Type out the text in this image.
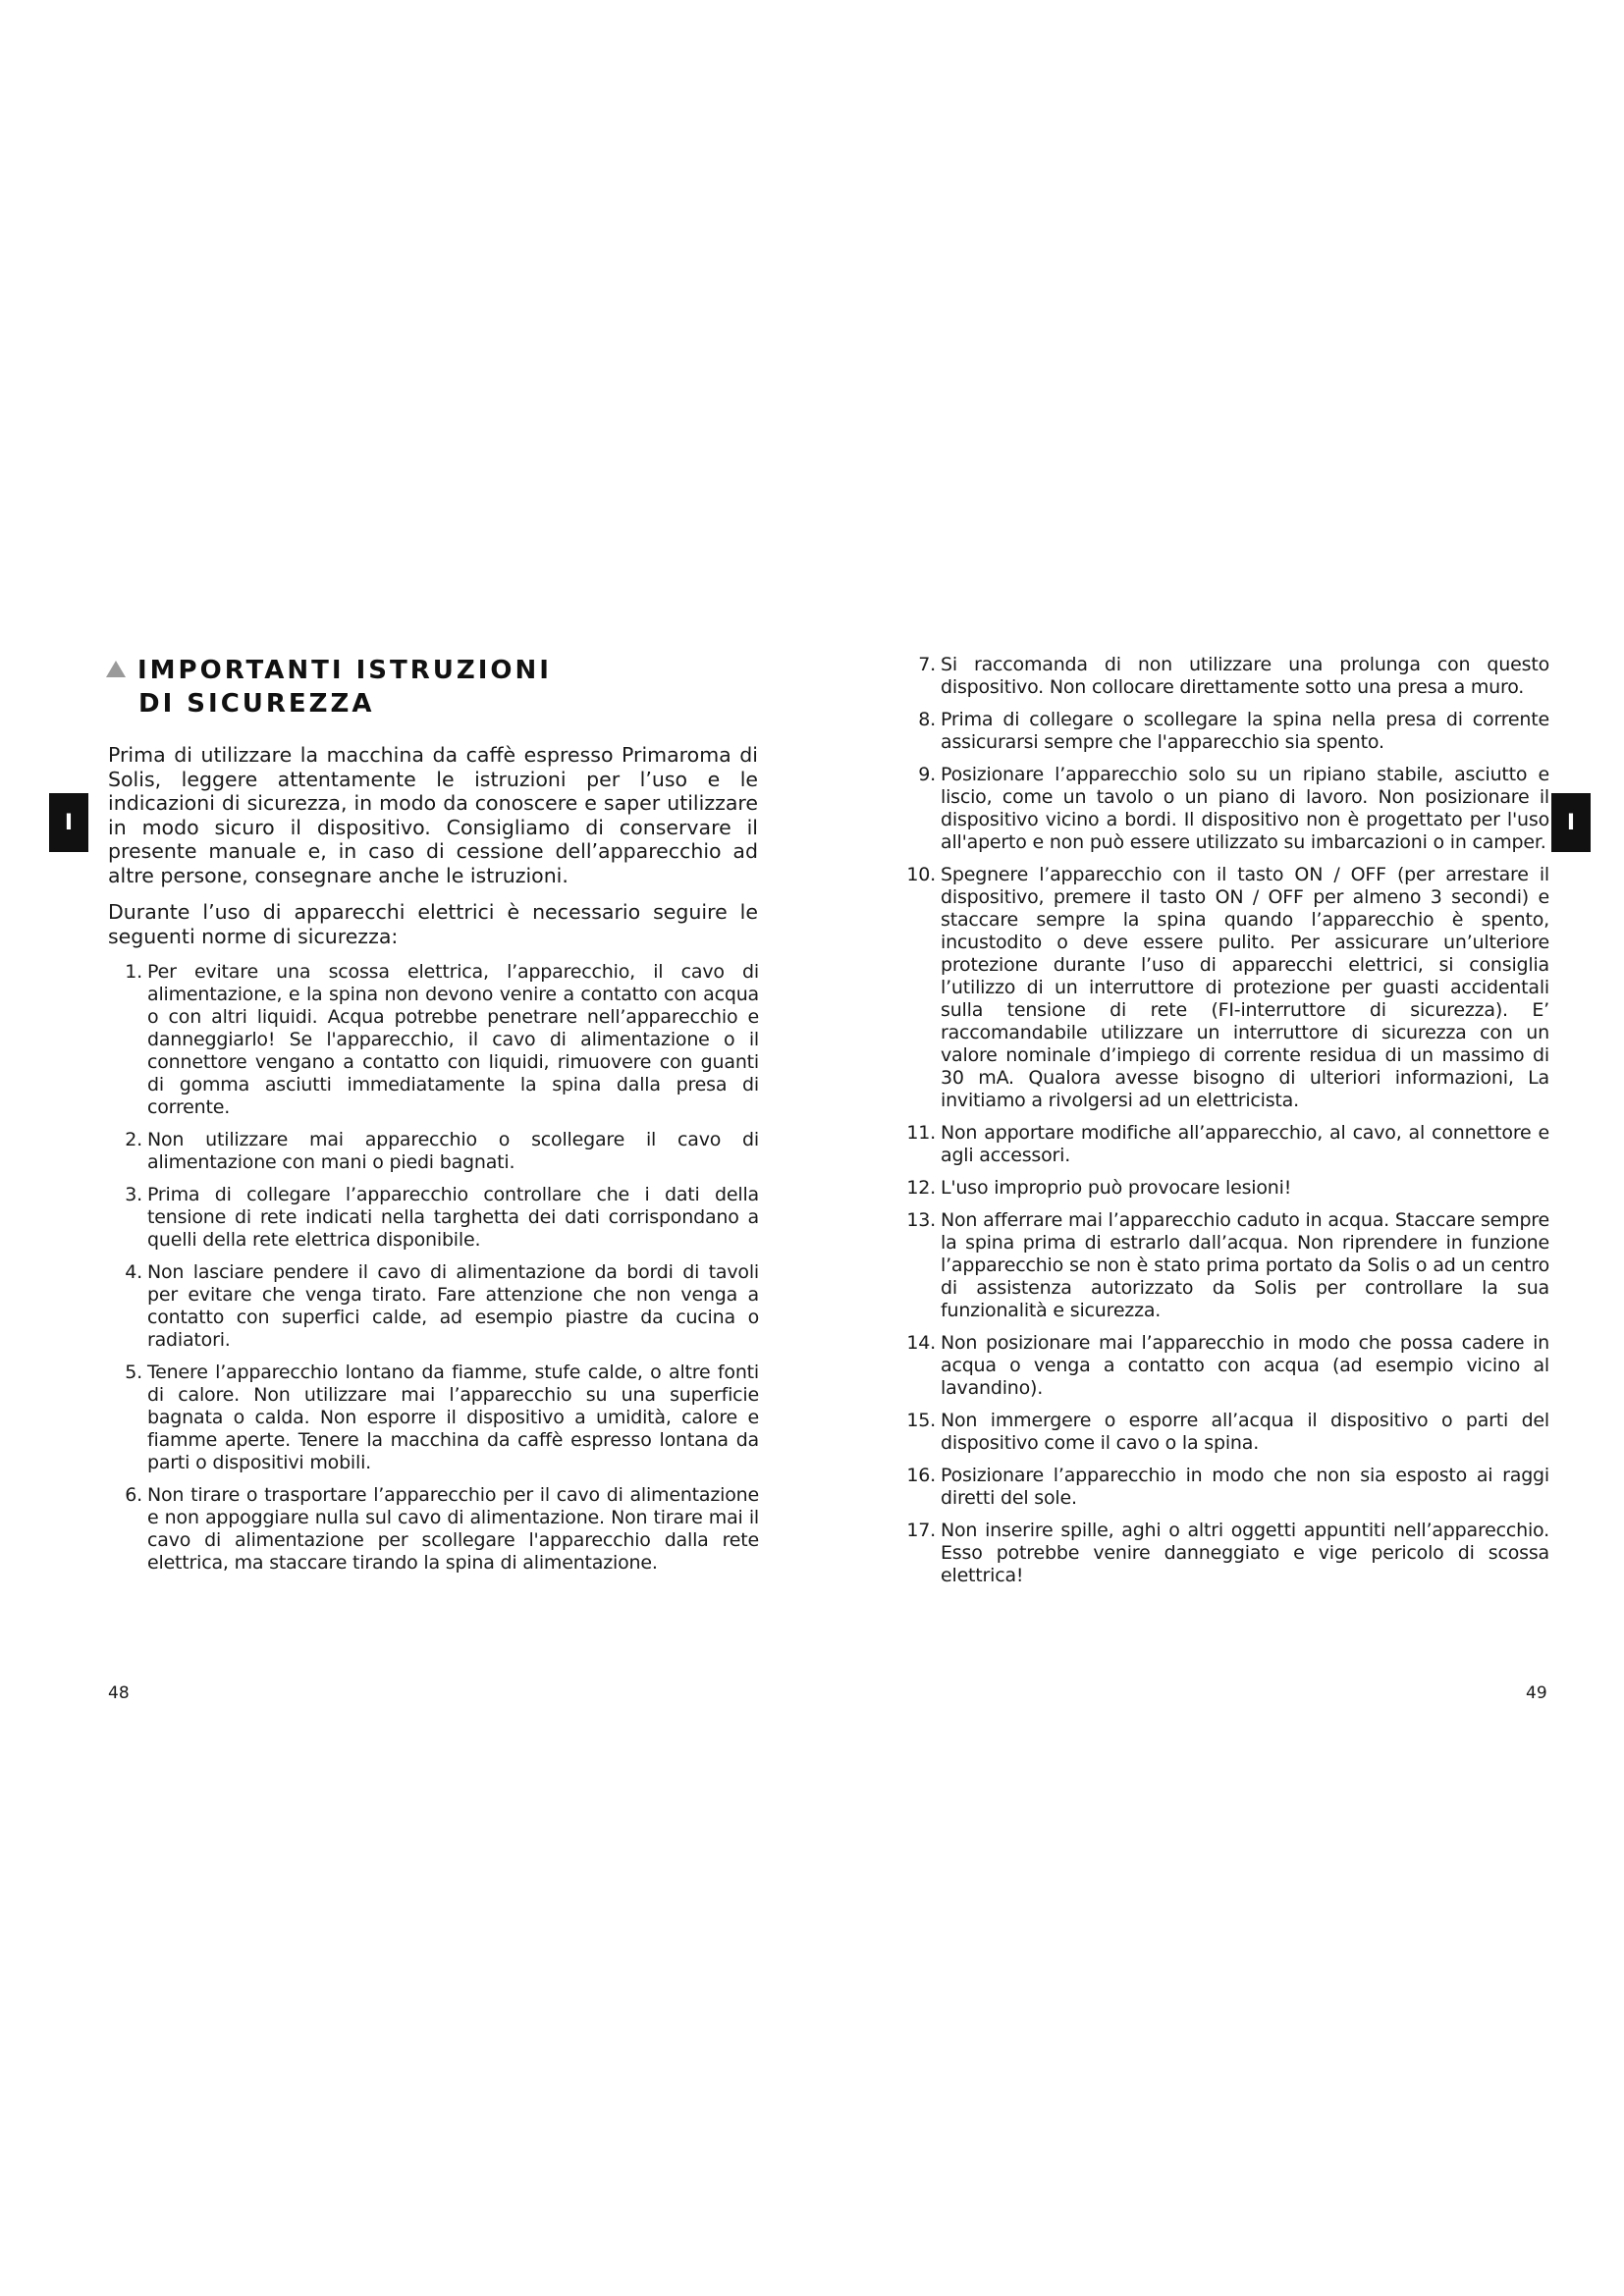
I
IMPORTANTI ISTRUZIONI
DI SICUREZZA

Prima di utilizzare la macchina da caffè espresso Primaroma di Solis, leggere attentamente le istruzioni per l’uso e le indicazioni di sicurezza, in modo da conoscere e saper utilizzare in modo sicuro il dispositivo. Consigliamo di conservare il presente manuale e, in caso di cessione dell’apparecchio ad altre persone, consegnare anche le istruzioni.

Durante l’uso di apparecchi elettrici è necessario seguire le seguenti norme di sicurezza:

1. Per evitare una scossa elettrica, l’apparecchio, il cavo di alimentazione, e la spina non devono venire a contatto con acqua o con altri liquidi. Acqua potrebbe penetrare nell’apparecchio e danneggiarlo! Se l'apparecchio, il cavo di alimentazione o il connettore vengano a contatto con liquidi, rimuovere con guanti di gomma asciutti immediatamente la spina dalla presa di corrente.
2. Non utilizzare mai apparecchio o scollegare il cavo di alimentazione con mani o piedi bagnati.
3. Prima di collegare l’apparecchio controllare che i dati della tensione di rete indicati nella targhetta dei dati corrispondano a quelli della rete elettrica disponibile.
4. Non lasciare pendere il cavo di alimentazione da bordi di tavoli per evitare che venga tirato. Fare attenzione che non venga a contatto con superfici calde, ad esempio piastre da cucina o radiatori.
5. Tenere l’apparecchio lontano da fiamme, stufe calde, o altre fonti di calore. Non utilizzare mai l’apparecchio su una superficie bagnata o calda. Non esporre il dispositivo a umidità, calore e fiamme aperte. Tenere la macchina da caffè espresso lontana da parti o dispositivi mobili.
6. Non tirare o trasportare l’apparecchio per il cavo di alimentazione e non appoggiare nulla sul cavo di alimentazione. Non tirare mai il cavo di alimentazione per scollegare l'apparecchio dalla rete elettrica, ma staccare tirando la spina di alimentazione.
48
I
7. Si raccomanda di non utilizzare una prolunga con questo dispositivo. Non collocare direttamente sotto una presa a muro.
8. Prima di collegare o scollegare la spina nella presa di corrente assicurarsi sempre che l'apparecchio sia spento.
9. Posizionare l’apparecchio solo su un ripiano stabile, asciutto e liscio, come un tavolo o un piano di lavoro. Non posizionare il dispositivo vicino a bordi. Il dispositivo non è progettato per l'uso all'aperto e non può essere utilizzato su imbarcazioni o in camper.
10. Spegnere l’apparecchio con il tasto ON / OFF (per arrestare il dispositivo, premere il tasto ON / OFF per almeno 3 secondi) e staccare sempre la spina quando l’apparecchio è spento, incustodito o deve essere pulito. Per assicurare un’ulteriore protezione durante l’uso di apparecchi elettrici, si consiglia l’utilizzo di un interruttore di protezione per guasti accidentali sulla tensione di rete (FI-interruttore di sicurezza). E’ raccomandabile utilizzare un interruttore di sicurezza con un valore nominale d’impiego di corrente residua di un massimo di 30 mA. Qualora avesse bisogno di ulteriori informazioni, La invitiamo a rivolgersi ad un elettricista.
11. Non apportare modifiche all’apparecchio, al cavo, al connettore e agli accessori.
12. L'uso improprio può provocare lesioni!
13. Non afferrare mai l’apparecchio caduto in acqua. Staccare sempre la spina prima di estrarlo dall’acqua. Non riprendere in funzione l’apparecchio se non è stato prima portato da Solis o ad un centro di assistenza autorizzato da Solis per controllare la sua funzionalità e sicurezza.
14. Non posizionare mai l’apparecchio in modo che possa cadere in acqua o venga a contatto con acqua (ad esempio vicino al lavandino).
15. Non immergere o esporre all’acqua il dispositivo o parti del dispositivo come il cavo o la spina.
16. Posizionare l’apparecchio in modo che non sia esposto ai raggi diretti del sole.
17. Non inserire spille, aghi o altri oggetti appuntiti nell’apparecchio. Esso potrebbe venire danneggiato e vige pericolo di scossa elettrica!
49
